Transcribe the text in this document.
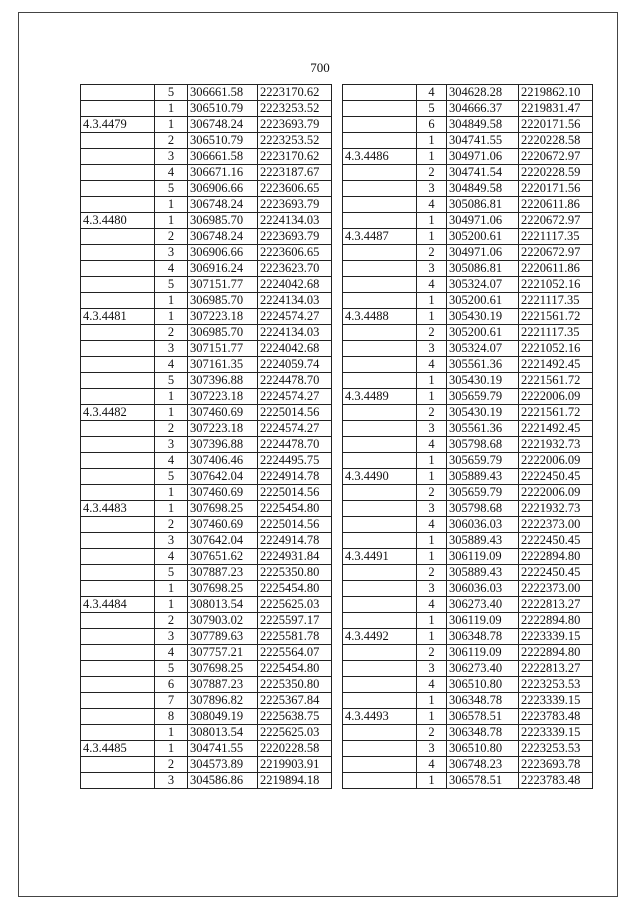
700
	5	306661.58	2223170.62
	1	306510.79	2223253.52
4.3.4479	1	306748.24	2223693.79
	2	306510.79	2223253.52
	3	306661.58	2223170.62
	4	306671.16	2223187.67
	5	306906.66	2223606.65
	1	306748.24	2223693.79
4.3.4480	1	306985.70	2224134.03
	2	306748.24	2223693.79
	3	306906.66	2223606.65
	4	306916.24	2223623.70
	5	307151.77	2224042.68
	1	306985.70	2224134.03
4.3.4481	1	307223.18	2224574.27
	2	306985.70	2224134.03
	3	307151.77	2224042.68
	4	307161.35	2224059.74
	5	307396.88	2224478.70
	1	307223.18	2224574.27
4.3.4482	1	307460.69	2225014.56
	2	307223.18	2224574.27
	3	307396.88	2224478.70
	4	307406.46	2224495.75
	5	307642.04	2224914.78
	1	307460.69	2225014.56
4.3.4483	1	307698.25	2225454.80
	2	307460.69	2225014.56
	3	307642.04	2224914.78
	4	307651.62	2224931.84
	5	307887.23	2225350.80
	1	307698.25	2225454.80
4.3.4484	1	308013.54	2225625.03
	2	307903.02	2225597.17
	3	307789.63	2225581.78
	4	307757.21	2225564.07
	5	307698.25	2225454.80
	6	307887.23	2225350.80
	7	307896.82	2225367.84
	8	308049.19	2225638.75
	1	308013.54	2225625.03
4.3.4485	1	304741.55	2220228.58
	2	304573.89	2219903.91
	3	304586.86	2219894.18
	4	304628.28	2219862.10
	5	304666.37	2219831.47
	6	304849.58	2220171.56
	1	304741.55	2220228.58
4.3.4486	1	304971.06	2220672.97
	2	304741.54	2220228.59
	3	304849.58	2220171.56
	4	305086.81	2220611.86
	1	304971.06	2220672.97
4.3.4487	1	305200.61	2221117.35
	2	304971.06	2220672.97
	3	305086.81	2220611.86
	4	305324.07	2221052.16
	1	305200.61	2221117.35
4.3.4488	1	305430.19	2221561.72
	2	305200.61	2221117.35
	3	305324.07	2221052.16
	4	305561.36	2221492.45
	1	305430.19	2221561.72
4.3.4489	1	305659.79	2222006.09
	2	305430.19	2221561.72
	3	305561.36	2221492.45
	4	305798.68	2221932.73
	1	305659.79	2222006.09
4.3.4490	1	305889.43	2222450.45
	2	305659.79	2222006.09
	3	305798.68	2221932.73
	4	306036.03	2222373.00
	1	305889.43	2222450.45
4.3.4491	1	306119.09	2222894.80
	2	305889.43	2222450.45
	3	306036.03	2222373.00
	4	306273.40	2222813.27
	1	306119.09	2222894.80
4.3.4492	1	306348.78	2223339.15
	2	306119.09	2222894.80
	3	306273.40	2222813.27
	4	306510.80	2223253.53
	1	306348.78	2223339.15
4.3.4493	1	306578.51	2223783.48
	2	306348.78	2223339.15
	3	306510.80	2223253.53
	4	306748.23	2223693.78
	1	306578.51	2223783.48
